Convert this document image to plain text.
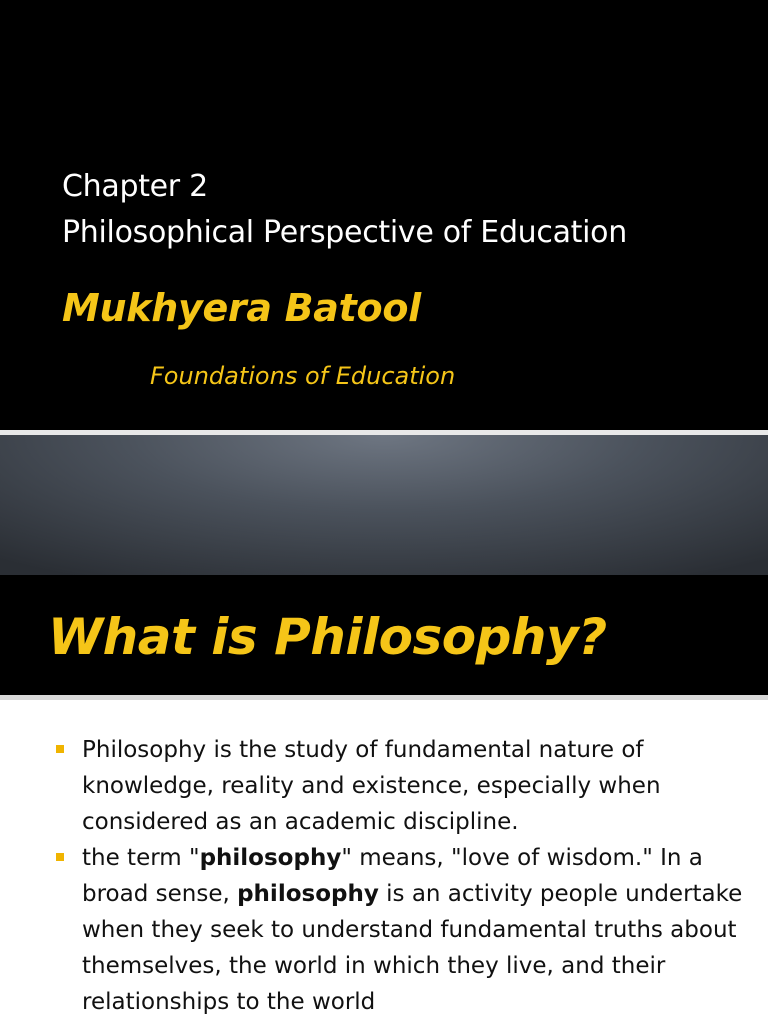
Chapter 2
Philosophical Perspective of Education
Mukhyera Batool
Foundations of Education
What is Philosophy?
Philosophy is the study of fundamental nature of knowledge, reality and existence, especially when considered as an academic discipline.
the term "philosophy" means, "love of wisdom." In a broad sense, philosophy is an activity people undertake when they seek to understand fundamental truths about themselves, the world in which they live, and their relationships to the world
